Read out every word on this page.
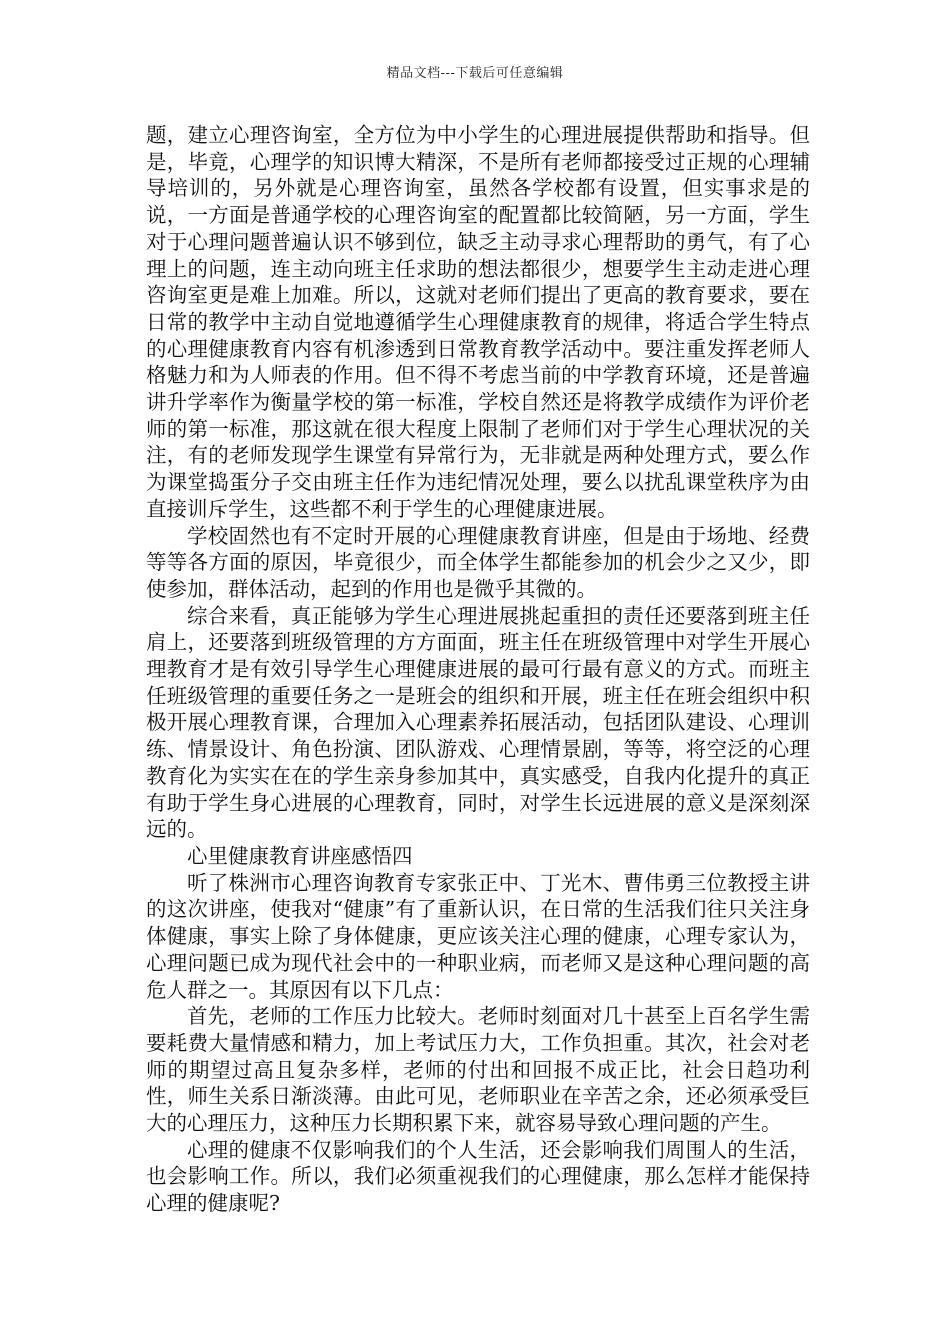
精品文档---下载后可任意编辑

题，建立心理咨询室，全方位为中小学生的心理进展提供帮助和指导。但是，毕竟，心理学的知识博大精深，不是所有老师都接受过正规的心理辅导培训的，另外就是心理咨询室，虽然各学校都有设置，但实事求是的说，一方面是普通学校的心理咨询室的配置都比较简陋，另一方面，学生对于心理问题普遍认识不够到位，缺乏主动寻求心理帮助的勇气，有了心理上的问题，连主动向班主任求助的想法都很少，想要学生主动走进心理咨询室更是难上加难。所以，这就对老师们提出了更高的教育要求，要在日常的教学中主动自觉地遵循学生心理健康教育的规律，将适合学生特点的心理健康教育内容有机渗透到日常教育教学活动中。要注重发挥老师人格魅力和为人师表的作用。但不得不考虑当前的中学教育环境，还是普遍讲升学率作为衡量学校的第一标准，学校自然还是将教学成绩作为评价老师的第一标准，那这就在很大程度上限制了老师们对于学生心理状况的关注，有的老师发现学生课堂有异常行为，无非就是两种处理方式，要么作为课堂捣蛋分子交由班主任作为违纪情况处理，要么以扰乱课堂秩序为由直接训斥学生，这些都不利于学生的心理健康进展。

学校固然也有不定时开展的心理健康教育讲座，但是由于场地、经费等等各方面的原因，毕竟很少，而全体学生都能参加的机会少之又少，即使参加，群体活动，起到的作用也是微乎其微的。

综合来看，真正能够为学生心理进展挑起重担的责任还要落到班主任肩上，还要落到班级管理的方方面面，班主任在班级管理中对学生开展心理教育才是有效引导学生心理健康进展的最可行最有意义的方式。而班主任班级管理的重要任务之一是班会的组织和开展，班主任在班会组织中积极开展心理教育课，合理加入心理素养拓展活动，包括团队建设、心理训练、情景设计、角色扮演、团队游戏、心理情景剧，等等，将空泛的心理教育化为实实在在的学生亲身参加其中，真实感受，自我内化提升的真正有助于学生身心进展的心理教育，同时，对学生长远进展的意义是深刻深远的。

心里健康教育讲座感悟四

听了株洲市心理咨询教育专家张正中、丁光木、曹伟勇三位教授主讲的这次讲座，使我对“健康”有了重新认识，在日常的生活我们往只关注身体健康，事实上除了身体健康，更应该关注心理的健康，心理专家认为，心理问题已成为现代社会中的一种职业病，而老师又是这种心理问题的高危人群之一。其原因有以下几点：

首先，老师的工作压力比较大。老师时刻面对几十甚至上百名学生需要耗费大量情感和精力，加上考试压力大，工作负担重。其次，社会对老师的期望过高且复杂多样，老师的付出和回报不成正比，社会日趋功利性，师生关系日渐淡薄。由此可见，老师职业在辛苦之余，还必须承受巨大的心理压力，这种压力长期积累下来，就容易导致心理问题的产生。

心理的健康不仅影响我们的个人生活，还会影响我们周围人的生活，也会影响工作。所以，我们必须重视我们的心理健康，那么怎样才能保持心理的健康呢?
